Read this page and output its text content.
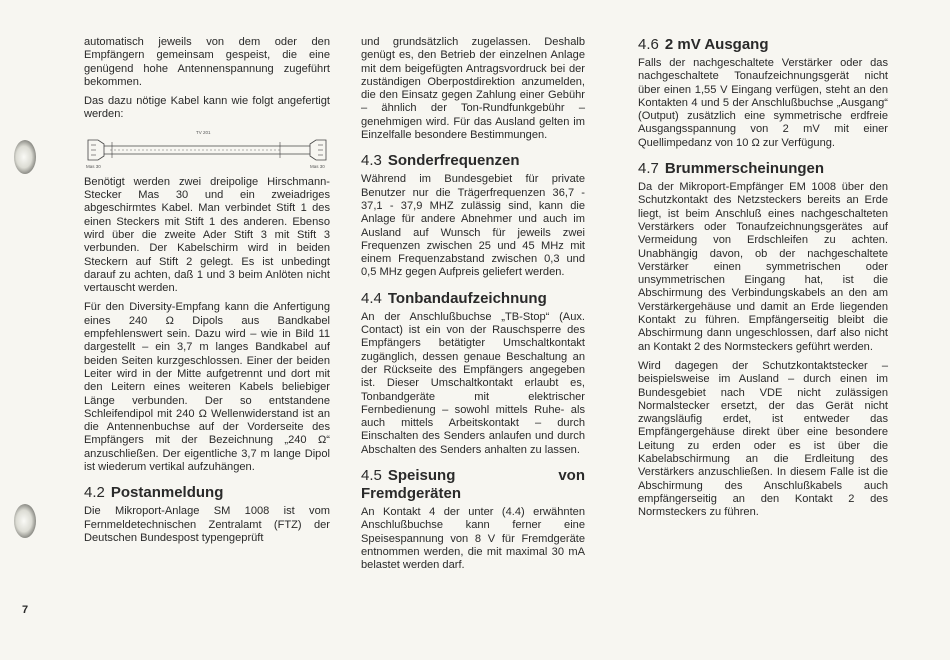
automatisch jeweils von dem oder den Empfängern gemeinsam gespeist, die eine genügend hohe Antennenspannung zugeführt bekommen.

Das dazu nötige Kabel kann wie folgt angefertigt werden:

TV 201
Mas 30	Mas 30

Benötigt werden zwei dreipolige Hirschmann-Stecker Mas 30 und ein zweiadriges abgeschirmtes Kabel. Man verbindet Stift 1 des einen Steckers mit Stift 1 des anderen. Ebenso wird über die zweite Ader Stift 3 mit Stift 3 verbunden. Der Kabelschirm wird in beiden Steckern auf Stift 2 gelegt. Es ist unbedingt darauf zu achten, daß 1 und 3 beim Anlöten nicht vertauscht werden.

Für den Diversity-Empfang kann die Anfertigung eines 240 Ω Dipols aus Bandkabel empfehlenswert sein. Dazu wird – wie in Bild 11 dargestellt – ein 3,7 m langes Bandkabel auf beiden Seiten kurzgeschlossen. Einer der beiden Leiter wird in der Mitte aufgetrennt und dort mit den Leitern eines weiteren Kabels beliebiger Länge verbunden. Der so entstandene Schleifendipol mit 240 Ω Wellenwiderstand ist an die Antennenbuchse auf der Vorderseite des Empfängers mit der Bezeichnung „240 Ω“ anzuschließen. Der eigentliche 3,7 m lange Dipol ist wiederum vertikal aufzuhängen.

4.2 Postanmeldung

Die Mikroport-Anlage SM 1008 ist vom Fernmeldetechnischen Zentralamt (FTZ) der Deutschen Bundespost typengeprüft

und grundsätzlich zugelassen. Deshalb genügt es, den Betrieb der einzelnen Anlage mit dem beigefügten Antragsvordruck bei der zuständigen Oberpostdirektion anzumelden, die den Einsatz gegen Zahlung einer Gebühr – ähnlich der Ton-Rundfunkgebühr – genehmigen wird. Für das Ausland gelten im Einzelfalle besondere Bestimmungen.

4.3 Sonderfrequenzen

Während im Bundesgebiet für private Benutzer nur die Trägerfrequenzen 36,7 - 37,1 - 37,9 MHZ zulässig sind, kann die Anlage für andere Abnehmer und auch im Ausland auf Wunsch für jeweils zwei Frequenzen zwischen 25 und 45 MHz mit einem Frequenzabstand zwischen 0,3 und 0,5 MHz gegen Aufpreis geliefert werden.

4.4 Tonbandaufzeichnung

An der Anschlußbuchse „TB-Stop“ (Aux. Contact) ist ein von der Rauschsperre des Empfängers betätigter Umschaltkontakt zugänglich, dessen genaue Beschaltung an der Rückseite des Empfängers angegeben ist. Dieser Umschaltkontakt erlaubt es, Tonbandgeräte mit elektrischer Fernbedienung – sowohl mittels Ruhe- als auch mittels Arbeitskontakt – durch Einschalten des Senders anlaufen und durch Abschalten des Senders anhalten zu lassen.

4.5 Speisung von Fremdgeräten

An Kontakt 4 der unter (4.4) erwähnten Anschlußbuchse kann ferner eine Speisespannung von 8 V für Fremdgeräte entnommen werden, die mit maximal 30 mA belastet werden darf.

4.6 2 mV Ausgang

Falls der nachgeschaltete Verstärker oder das nachgeschaltete Tonaufzeichnungsgerät nicht über einen 1,55 V Eingang verfügen, steht an den Kontakten 4 und 5 der Anschlußbuchse „Ausgang“ (Output) zusätzlich eine symmetrische erdfreie Ausgangsspannung von 2 mV mit einer Quellimpedanz von 10 Ω zur Verfügung.

4.7 Brummerscheinungen

Da der Mikroport-Empfänger EM 1008 über den Schutzkontakt des Netzsteckers bereits an Erde liegt, ist beim Anschluß eines nachgeschalteten Verstärkers oder Tonaufzeichnungsgerätes auf Vermeidung von Erdschleifen zu achten. Unabhängig davon, ob der nachgeschaltete Verstärker einen symmetrischen oder unsymmetrischen Eingang hat, ist die Abschirmung des Verbindungskabels an den am Verstärkergehäuse und damit an Erde liegenden Kontakt zu führen. Empfängerseitig bleibt die Abschirmung dann ungeschlossen, darf also nicht an Kontakt 2 des Normsteckers geführt werden.

Wird dagegen der Schutzkontaktstecker – beispielsweise im Ausland – durch einen im Bundesgebiet nach VDE nicht zulässigen Normalstecker ersetzt, der das Gerät nicht zwangsläufig erdet, ist entweder das Empfängergehäuse direkt über eine besondere Leitung zu erden oder es ist über die Kabelabschirmung an die Erdleitung des Verstärkers anzuschließen. In diesem Falle ist die Abschirmung des Anschlußkabels auch empfängerseitig an den Kontakt 2 des Normsteckers zu führen.

7
